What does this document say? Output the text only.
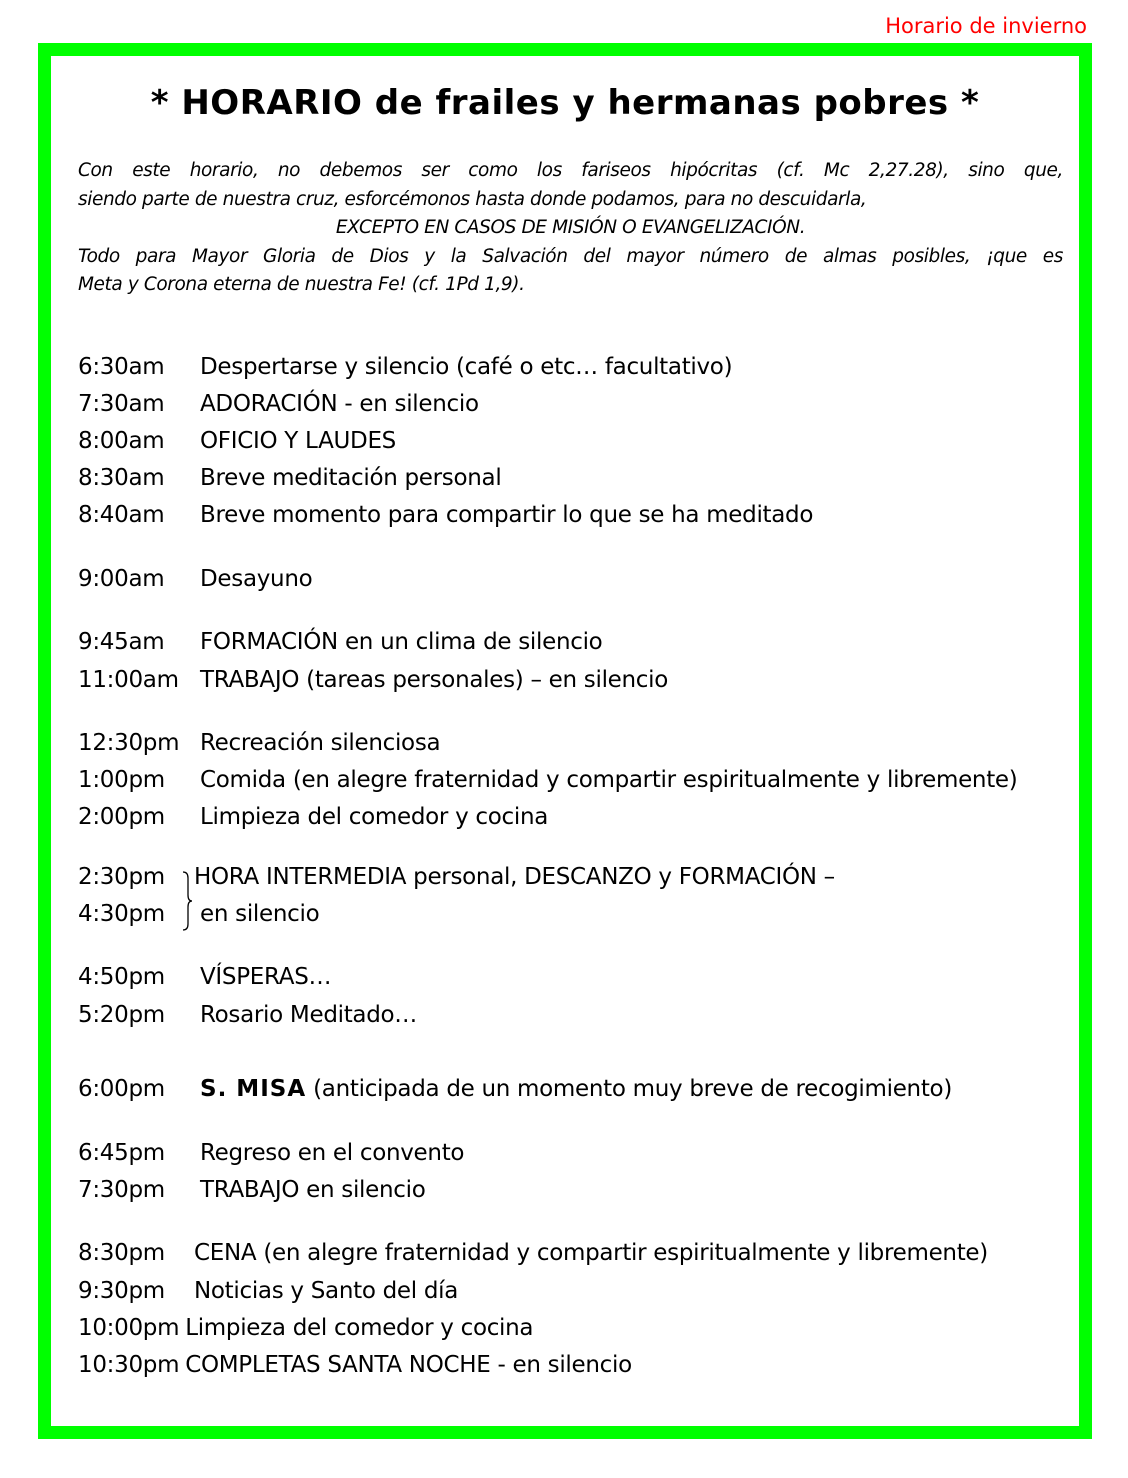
Horario de invierno
* HORARIO de frailes y hermanas pobres *
Con este horario, no debemos ser como los fariseos hipócritas (cf. Mc 2,27.28), sino que,
siendo parte de nuestra cruz, esforcémonos hasta donde podamos, para no descuidarla,
EXCEPTO EN CASOS DE MISIÓN O EVANGELIZACIÓN.
Todo para Mayor Gloria de Dios y la Salvación del mayor número de almas posibles, ¡que es
Meta y Corona eterna de nuestra Fe! (cf. 1Pd 1,9).
6:30am Despertarse y silencio (café o etc… facultativo)
7:30am ADORACIÓN - en silencio
8:00am OFICIO Y LAUDES
8:30am Breve meditación personal
8:40am Breve momento para compartir lo que se ha meditado
9:00am Desayuno
9:45am FORMACIÓN en un clima de silencio
11:00am TRABAJO (tareas personales) – en silencio
12:30pm Recreación silenciosa
1:00pm Comida (en alegre fraternidad y compartir espiritualmente y libremente)
2:00pm Limpieza del comedor y cocina
2:30pm HORA INTERMEDIA personal, DESCANZO y FORMACIÓN –
4:30pm en silencio
4:50pm VÍSPERAS…
5:20pm Rosario Meditado…
6:00pm S. MISA (anticipada de un momento muy breve de recogimiento)
6:45pm Regreso en el convento
7:30pm TRABAJO en silencio
8:30pm CENA (en alegre fraternidad y compartir espiritualmente y libremente)
9:30pm Noticias y Santo del día
10:00pm Limpieza del comedor y cocina
10:30pm COMPLETAS SANTA NOCHE - en silencio
